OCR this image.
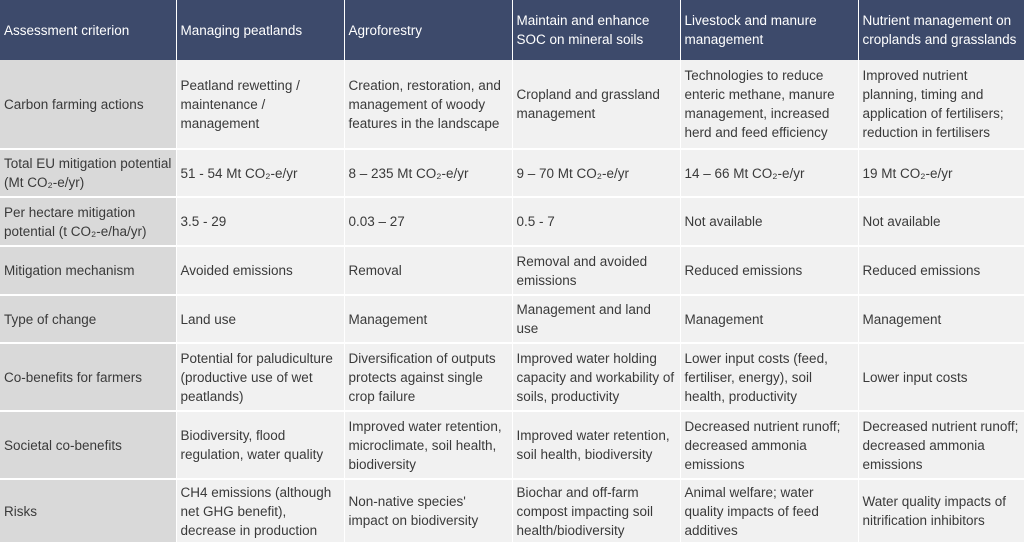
Assessment criterion	Managing peatlands	Agroforestry	Maintain and enhance SOC on mineral soils	Livestock and manure management	Nutrient management on croplands and grasslands
Carbon farming actions	Peatland rewetting / maintenance / management	Creation, restoration, and management of woody features in the landscape	Cropland and grassland management	Technologies to reduce enteric methane, manure management, increased herd and feed efficiency	Improved nutrient planning, timing and application of fertilisers; reduction in fertilisers
Total EU mitigation potential (Mt CO₂-e/yr)	51 - 54 Mt CO₂-e/yr	8 – 235 Mt CO₂-e/yr	9 – 70 Mt CO₂-e/yr	14 – 66 Mt CO₂-e/yr	19 Mt CO₂-e/yr
Per hectare mitigation potential (t CO₂-e/ha/yr)	3.5 - 29	0.03 – 27	0.5 - 7	Not available	Not available
Mitigation mechanism	Avoided emissions	Removal	Removal and avoided emissions	Reduced emissions	Reduced emissions
Type of change	Land use	Management	Management and land use	Management	Management
Co-benefits for farmers	Potential for paludiculture (productive use of wet peatlands)	Diversification of outputs protects against single crop failure	Improved water holding capacity and workability of soils, productivity	Lower input costs (feed, fertiliser, energy), soil health, productivity	Lower input costs
Societal co-benefits	Biodiversity, flood regulation, water quality	Improved water retention, microclimate, soil health, biodiversity	Improved water retention, soil health, biodiversity	Decreased nutrient runoff; decreased ammonia emissions	Decreased nutrient runoff; decreased ammonia emissions
Risks	CH4 emissions (although net GHG benefit), decrease in production	Non-native species' impact on biodiversity	Biochar and off-farm compost impacting soil health/biodiversity	Animal welfare; water quality impacts of feed additives	Water quality impacts of nitrification inhibitors
